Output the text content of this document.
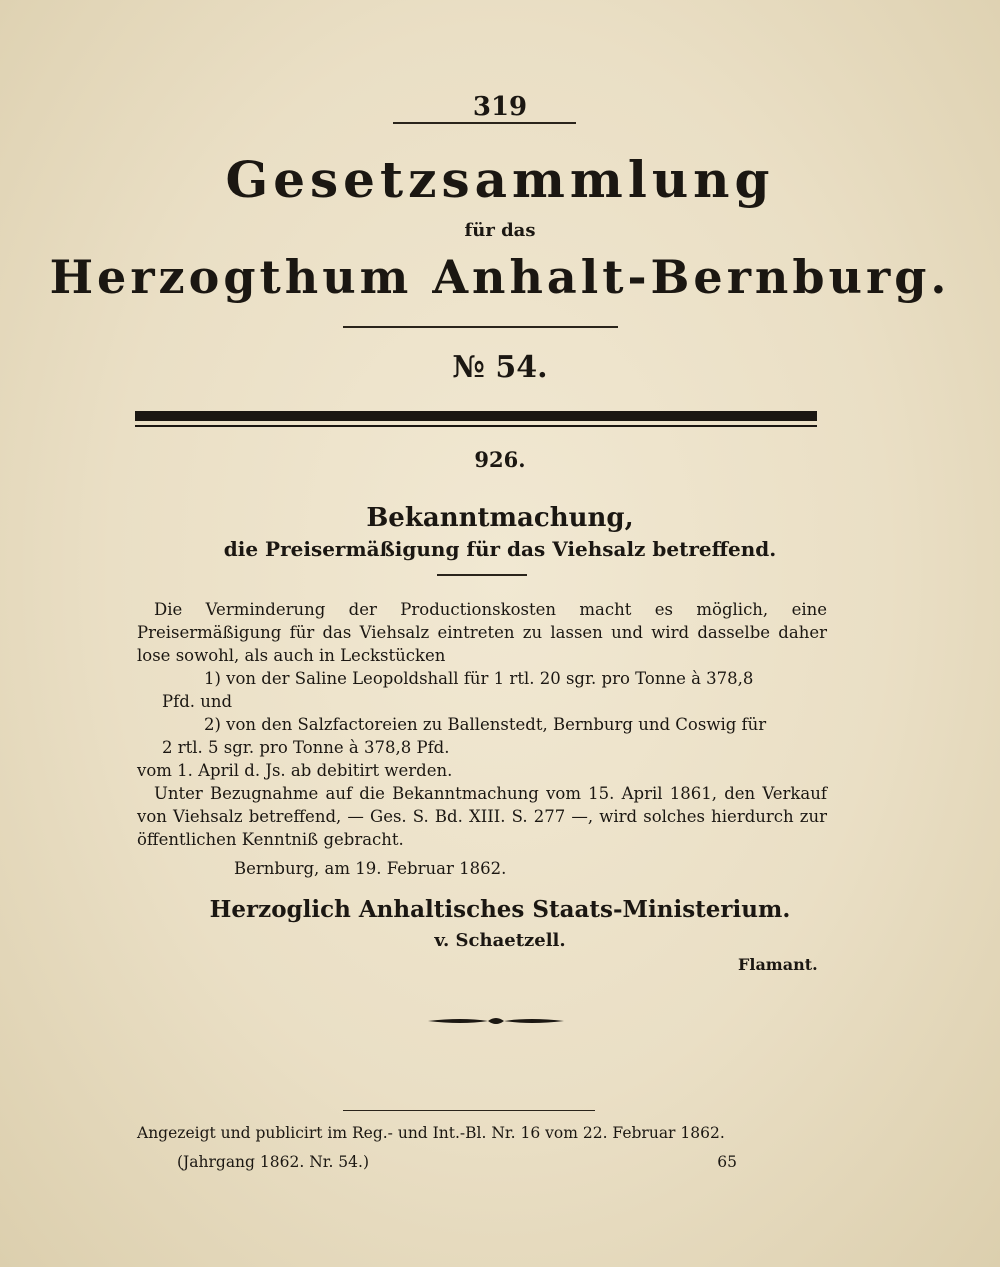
319
Gesetzsammlung
für das
Herzogthum Anhalt-Bernburg.
№ 54.
926.
Bekanntmachung,
die Preisermäßigung für das Viehsalz betreffend.

Die Verminderung der Productionskosten macht es möglich, eine Preisermäßigung für das Viehsalz eintreten zu lassen und wird dasselbe daher lose sowohl, als auch in Leckstücken

1) von der Saline Leopoldshall für 1 rtl. 20 sgr. pro Tonne à 378,8

Pfd. und

2) von den Salzfactoreien zu Ballenstedt, Bernburg und Coswig für

2 rtl. 5 sgr. pro Tonne à 378,8 Pfd.

vom 1. April d. Js. ab debitirt werden.

Unter Bezugnahme auf die Bekanntmachung vom 15. April 1861, den Verkauf von Viehsalz betreffend, — Ges. S. Bd. XIII. S. 277 —, wird solches hierdurch zur öffentlichen Kenntniß gebracht.

Bernburg, am 19. Februar 1862.

Herzoglich Anhaltisches Staats-Ministerium.
v. Schaetzell.
Flamant.
Angezeigt und publicirt im Reg.- und Int.-Bl. Nr. 16 vom 22. Februar 1862.
(Jahrgang 1862. Nr. 54.)	65
